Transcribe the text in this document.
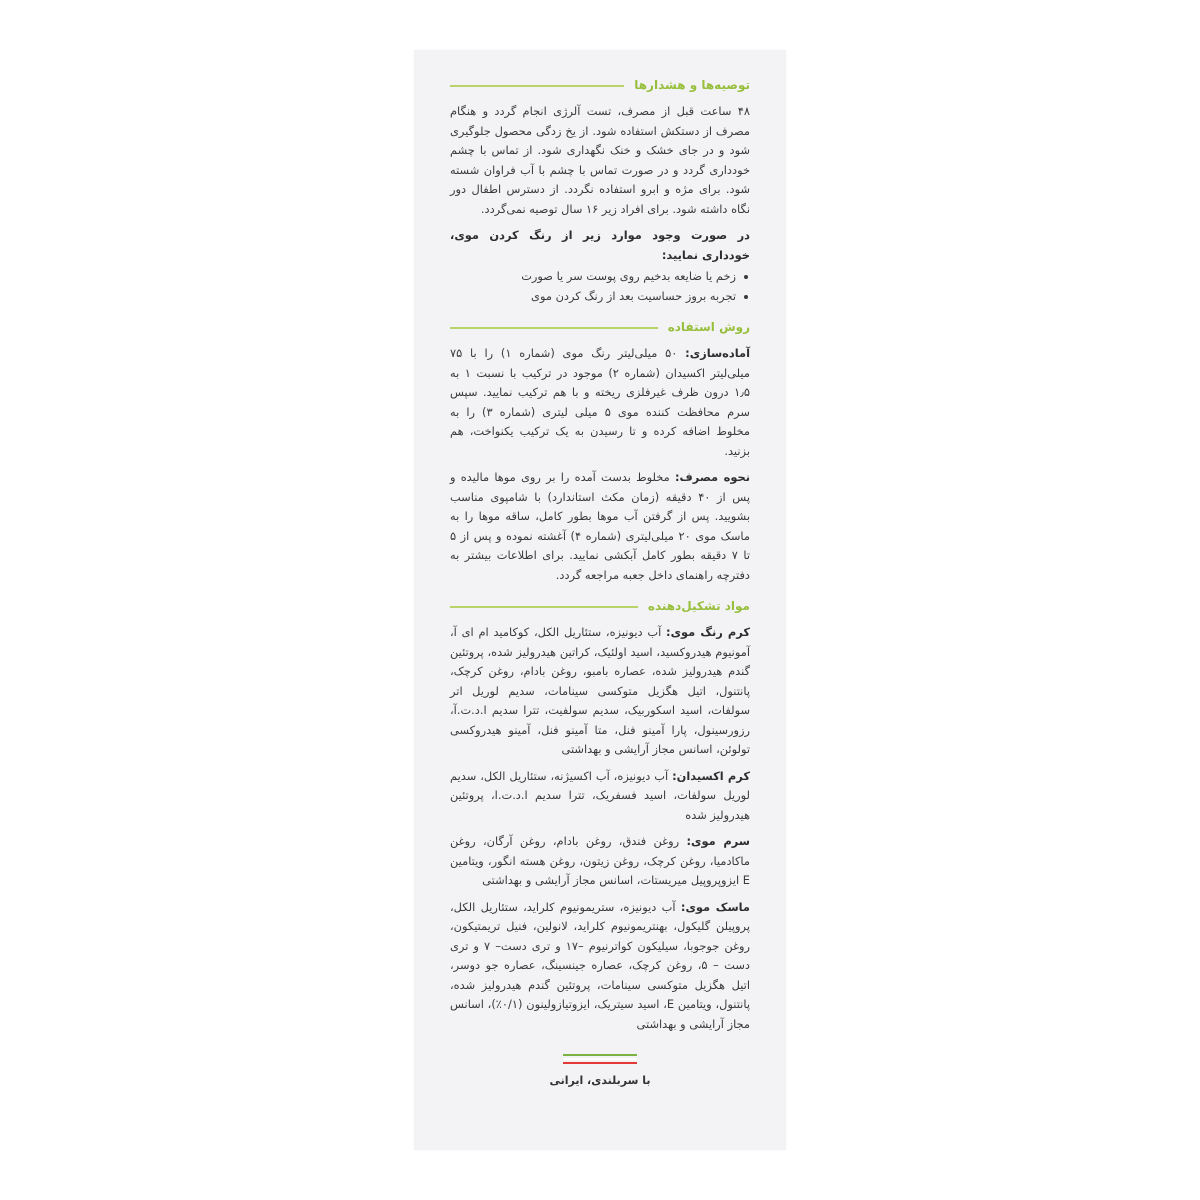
توصیه‌ها و هشدارها

۴۸ ساعت قبل از مصرف، تست آلرژی انجام گردد و هنگام مصرف از دستکش استفاده شود. از یخ زدگی محصول جلوگیری شود و در جای خشک و خنک نگهداری شود. از تماس با چشم خودداری گردد و در صورت تماس با چشم با آب فراوان شسته شود. برای مژه و ابرو استفاده نگردد. از دسترس اطفال دور نگاه داشته شود. برای افراد زیر ۱۶ سال توصیه نمی‌گردد.

در صورت وجود موارد زیر از رنگ کردن موی، خودداری نمایید:

زخم یا ضایعه بدخیم روی پوست سر یا صورت
تجربه بروز حساسیت بعد از رنگ کردن موی
روش استفاده

آماده‌سازی: ۵۰ میلی‌لیتر رنگ موی (شماره ۱) را با ۷۵ میلی‌لیتر اکسیدان (شماره ۲) موجود در ترکیب با نسبت ۱ به ۱٫۵ درون ظرف غیرفلزی ریخته و با هم ترکیب نمایید. سپس سرم محافظت کننده موی ۵ میلی لیتری (شماره ۳) را به مخلوط اضافه کرده و تا رسیدن به یک ترکیب یکنواخت، هم بزنید.

نحوه مصرف: مخلوط بدست آمده را بر روی موها مالیده و پس از ۴۰ دقیقه (زمان مکث استاندارد) با شامپوی مناسب بشویید. پس از گرفتن آب موها بطور کامل، ساقه موها را به ماسک موی ۲۰ میلی‌لیتری (شماره ۴) آغشته نموده و پس از ۵ تا ۷ دقیقه بطور کامل آبکشی نمایید. برای اطلاعات بیشتر به دفترچه راهنمای داخل جعبه مراجعه گردد.

مواد تشکیل‌دهنده

کرم رنگ موی: آب دیونیزه، ستئاریل الکل، کوکامید ام ای آ، آمونیوم هیدروکسید، اسید اولئیک، کراتین هیدرولیز شده، پروتئین گندم هیدرولیز شده، عصاره بامبو، روغن بادام، روغن کرچک، پانتنول، اتیل هگزیل متوکسی سینامات، سدیم لوریل اتر سولفات، اسید اسکوربیک، سدیم سولفیت، تترا سدیم ا.د.ت.آ، رزورسینول، پارا آمینو فنل، متا آمینو فنل، آمینو هیدروکسی تولوئن، اسانس مجاز آرایشی و بهداشتی

کرم اکسیدان: آب دیونیزه، آب اکسیژنه، ستئاریل الکل، سدیم لوریل سولفات، اسید فسفریک، تترا سدیم ا.د.ت.ا، پروتئین هیدرولیز شده

سرم موی: روغن فندق، روغن بادام، روغن آرگان، روغن ماکادمیا، روغن کرچک، روغن زیتون، روغن هسته انگور، ویتامین E ایزوپروپیل میریستات، اسانس مجاز آرایشی و بهداشتی

ماسک موی: آب دیونیزه، ستریمونیوم کلراید، ستئاریل الکل، پروپیلن گلیکول، بهنتریمونیوم کلراید، لانولین، فنیل تریمتیکون، روغن جوجوبا، سیلیکون کواترنیوم –۱۷ و تری دست– ۷ و تری دست – ۵، روغن کرچک، عصاره جینسینگ، عصاره جو دوسر، اتیل هگزیل متوکسی سینامات، پروتئین گندم هیدرولیز شده، پانتنول، ویتامین E، اسید سیتریک، ایزوتیازولینون (۰/۱٪)، اسانس مجاز آرایشی و بهداشتی

با سربلندی، ایرانی
